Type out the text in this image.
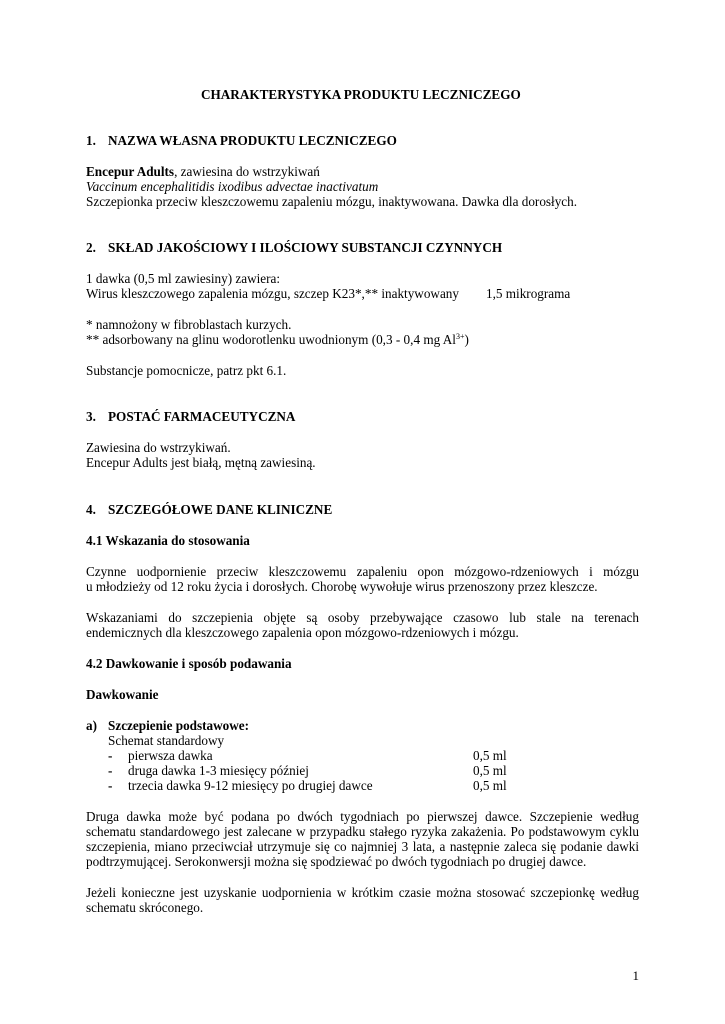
CHARAKTERYSTYKA PRODUKTU LECZNICZEGO
1. NAZWA WŁASNA PRODUKTU LECZNICZEGO
Encepur Adults, zawiesina do wstrzykiwań
Vaccinum encephalitidis ixodibus advectae inactivatum
Szczepionka przeciw kleszczowemu zapaleniu mózgu, inaktywowana. Dawka dla dorosłych.
2. SKŁAD JAKOŚCIOWY I ILOŚCIOWY SUBSTANCJI CZYNNYCH
1 dawka (0,5 ml zawiesiny) zawiera:
Wirus kleszczowego zapalenia mózgu, szczep K23*,** inaktywowany 1,5 mikrograma
* namnożony w fibroblastach kurzych.
** adsorbowany na glinu wodorotlenku uwodnionym (0,3 - 0,4 mg $Al^{3+}$)
Substancje pomocnicze, patrz pkt 6.1.
3. POSTAĆ FARMACEUTYCZNA
Zawiesina do wstrzykiwań.
Encepur Adults jest białą, mętną zawiesiną.
4. SZCZEGÓŁOWE DANE KLINICZNE
4.1 Wskazania do stosowania
Czynne uodpornienie przeciw kleszczowemu zapaleniu opon mózgowo-rdzeniowych i mózgu
u młodzieży od 12 roku życia i dorosłych. Chorobę wywołuje wirus przenoszony przez kleszcze.
Wskazaniami do szczepienia objęte są osoby przebywające czasowo lub stale na terenach
endemicznych dla kleszczowego zapalenia opon mózgowo-rdzeniowych i mózgu.
4.2 Dawkowanie i sposób podawania
Dawkowanie
a) Szczepienie podstawowe:
Schemat standardowy
- pierwsza dawka	0,5 ml
- druga dawka 1-3 miesięcy później	0,5 ml
- trzecia dawka 9-12 miesięcy po drugiej dawce	0,5 ml
Druga dawka może być podana po dwóch tygodniach po pierwszej dawce. Szczepienie według
schematu standardowego jest zalecane w przypadku stałego ryzyka zakażenia. Po podstawowym cyklu
szczepienia, miano przeciwciał utrzymuje się co najmniej 3 lata, a następnie zaleca się podanie dawki
podtrzymującej. Serokonwersji można się spodziewać po dwóch tygodniach po drugiej dawce.
Jeżeli konieczne jest uzyskanie uodpornienia w krótkim czasie można stosować szczepionkę według
schematu skróconego.
1
